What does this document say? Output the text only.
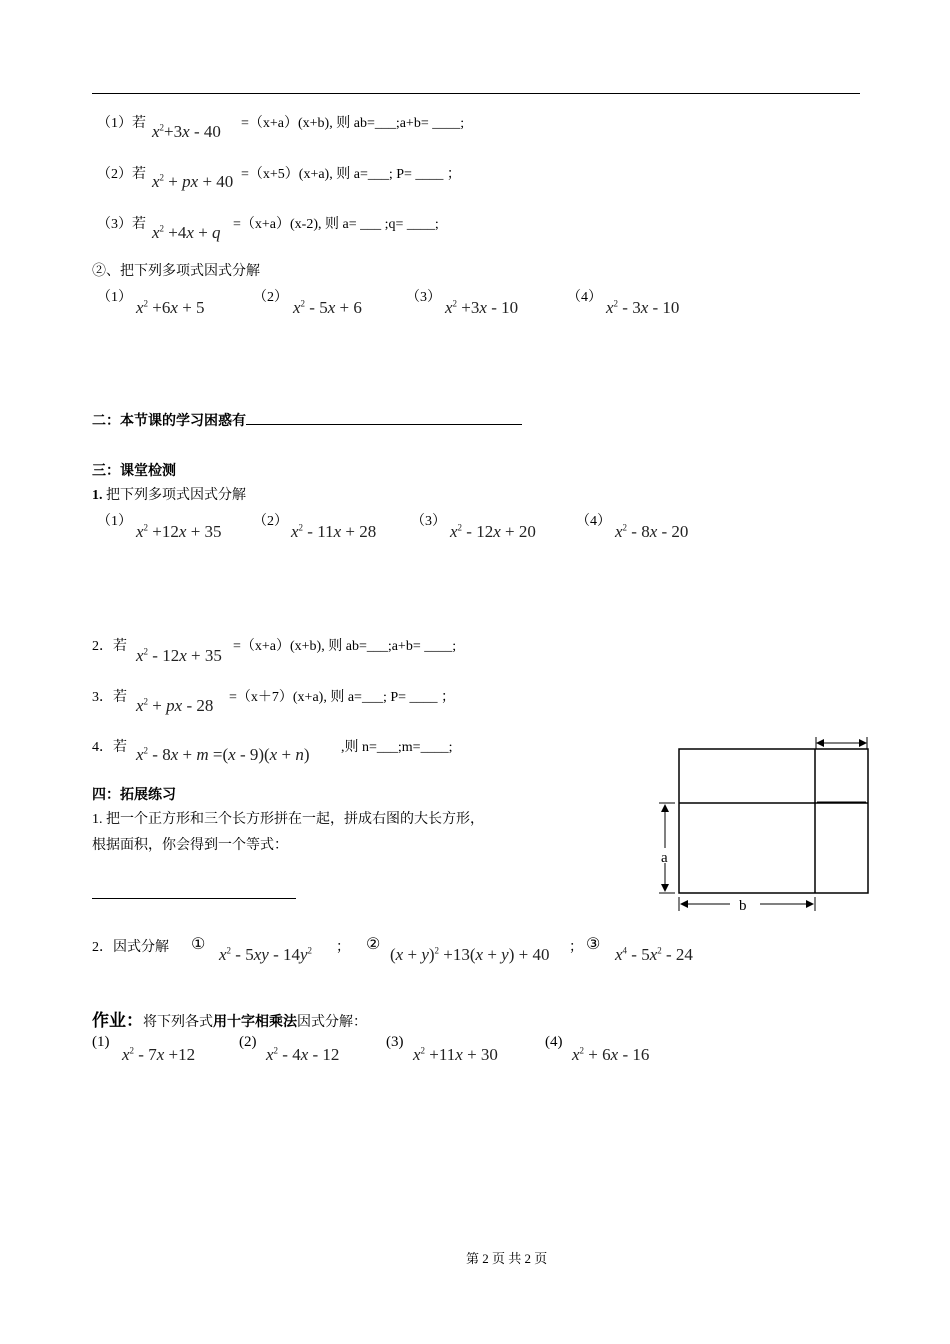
（1）若 $x^2+3x - 40 =(x+a)(x+b)$, 则 ab=___;a+b= ____;
（2）若 $x^2$ + px + 40 =（x+5）(x+a), 则 a=___; P= ____ ；
（3）若 $x^2 +4x + q =(x+a)(x-2)$, 则 a= ___ ;q= ____;
②、把下列多项式因式分解
（1）
$x^2 +6x + 5$
（2）
$x^2 - 5x + 6$
（3）
$x^2 +3x - 10$
（4）
$x^2 - 3x - 10$
二：本节课的学习困惑有
三：课堂检测
1. 把下列多项式因式分解
（1）
$x^2 +12x + 35$
（2）
$x^2 - 11x + 28$
（3）
$x^2 - 12x + 20$
（4）
$x^2 - 8x - 20$
2．若 $x^2 - 12x + 35 =(x+a)(x+b)$, 则 ab=___;a+b= ____;
3．若 $x^2$ + px - 28 =（x＋7）(x+a), 则 a=___; P= ____ ；
4．若 $x^2 - 8x + m =(x - 9)(x + n)$ ,则 n=___;m=____;
四：拓展练习
1. 把一个正方形和三个长方形拼在一起，拼成右图的大长方形，
根据面积，你会得到一个等式：
a
b
2．因式分解 ①
$x^2 - 5xy - 14y^2$ ； ②
$(x + y)^2 +13(x + y) + 40$ ； ③
$x^4 - 5x^2 - 24$
作业：将下列各式用十字相乘法因式分解：
(1)
$x^2 - 7x +12$
(2)
$x^2 - 4x - 12$
(3)
$x^2 +11x + 30$
(4)
$x^2 + 6x - 16$
第 2 页 共 2 页
